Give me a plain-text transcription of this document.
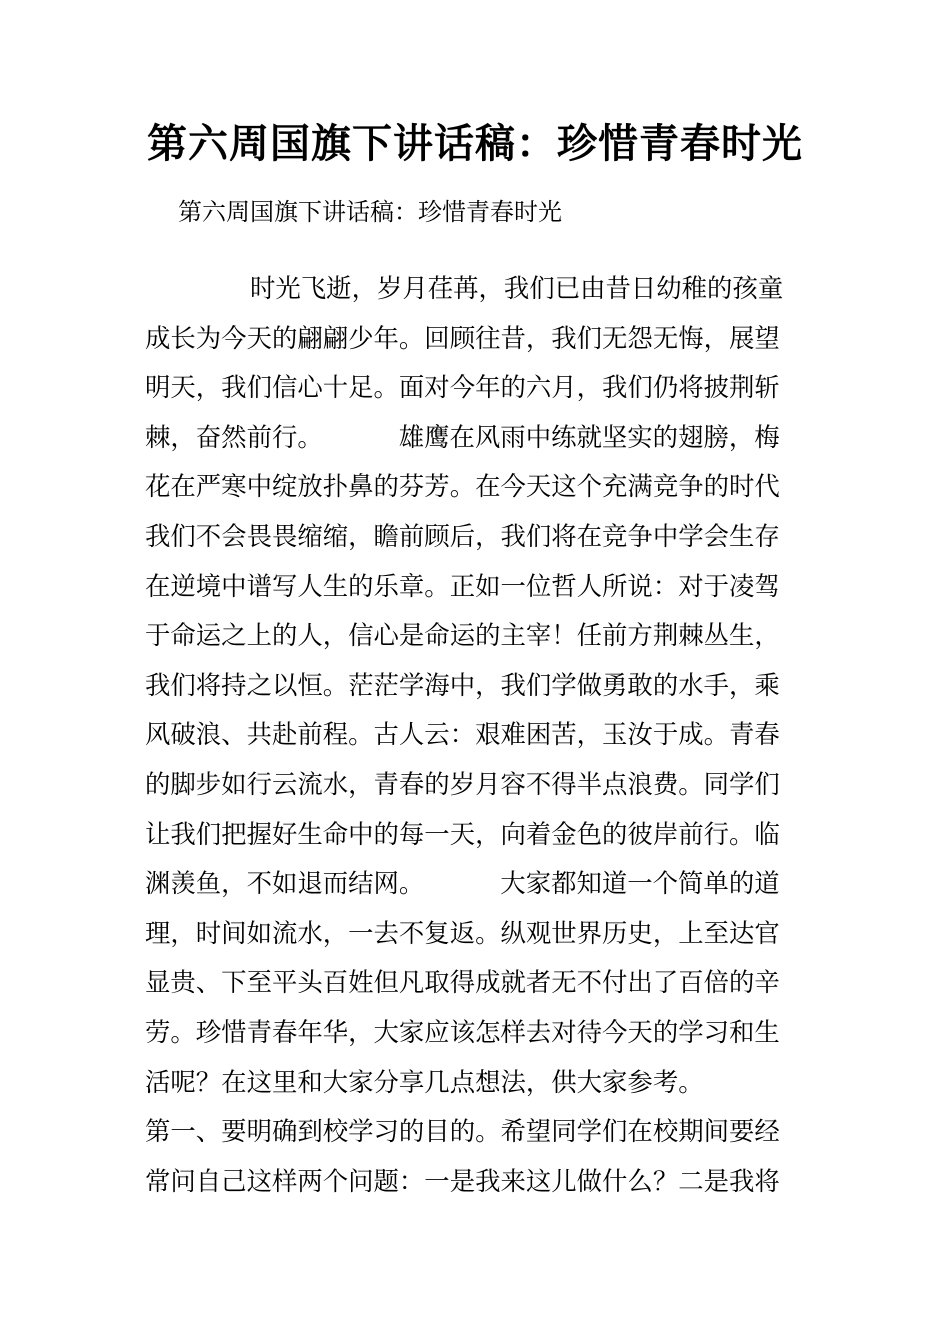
第六周国旗下讲话稿：珍惜青春时光

第六周国旗下讲话稿：珍惜青春时光

时光飞逝，岁月荏苒，我们已由昔日幼稚的孩童
成长为今天的翩翩少年。回顾往昔，我们无怨无悔，展望
明天，我们信心十足。面对今年的六月，我们仍将披荆斩
棘，奋然前行。	雄鹰在风雨中练就坚实的翅膀，梅
花在严寒中绽放扑鼻的芬芳。在今天这个充满竞争的时代
我们不会畏畏缩缩，瞻前顾后，我们将在竞争中学会生存
在逆境中谱写人生的乐章。正如一位哲人所说：对于凌驾
于命运之上的人，信心是命运的主宰！任前方荆棘丛生，
我们将持之以恒。茫茫学海中，我们学做勇敢的水手，乘
风破浪、共赴前程。古人云：艰难困苦，玉汝于成。青春
的脚步如行云流水，青春的岁月容不得半点浪费。同学们
让我们把握好生命中的每一天，向着金色的彼岸前行。临
渊羡鱼，不如退而结网。	大家都知道一个简单的道
理，时间如流水，一去不复返。纵观世界历史，上至达官
显贵、下至平头百姓但凡取得成就者无不付出了百倍的辛
劳。珍惜青春年华，大家应该怎样去对待今天的学习和生
活呢？在这里和大家分享几点想法，供大家参考。
第一、要明确到校学习的目的。希望同学们在校期间要经
常问自己这样两个问题：一是我来这儿做什么？二是我将
